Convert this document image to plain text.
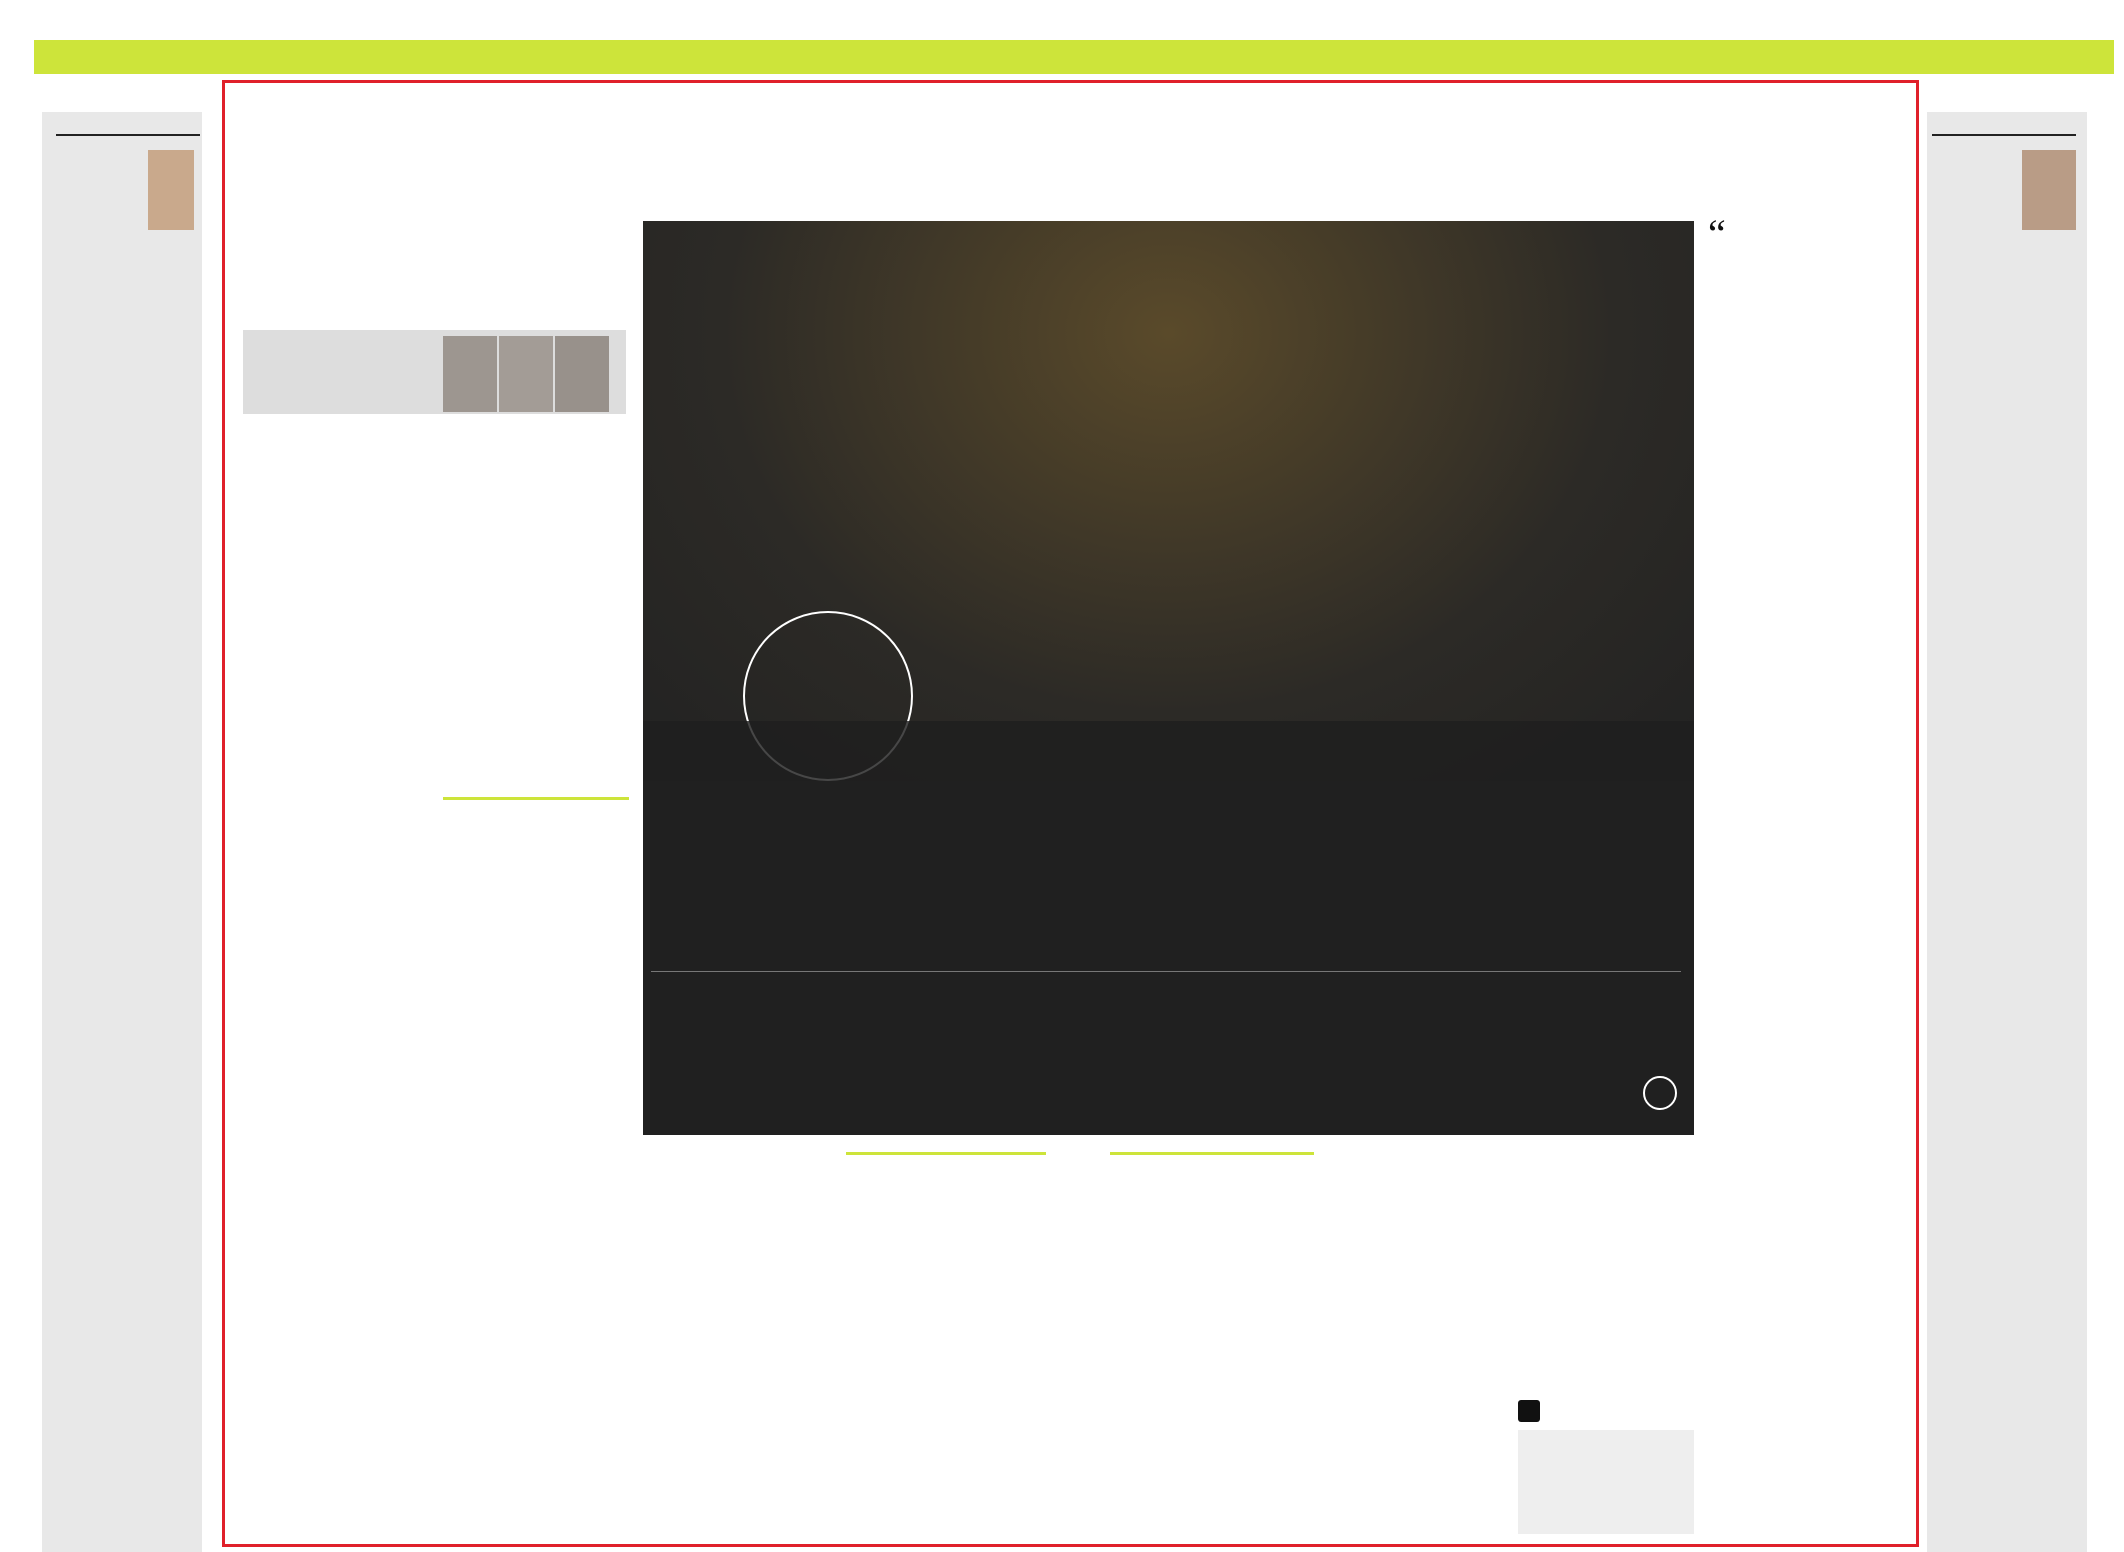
“
